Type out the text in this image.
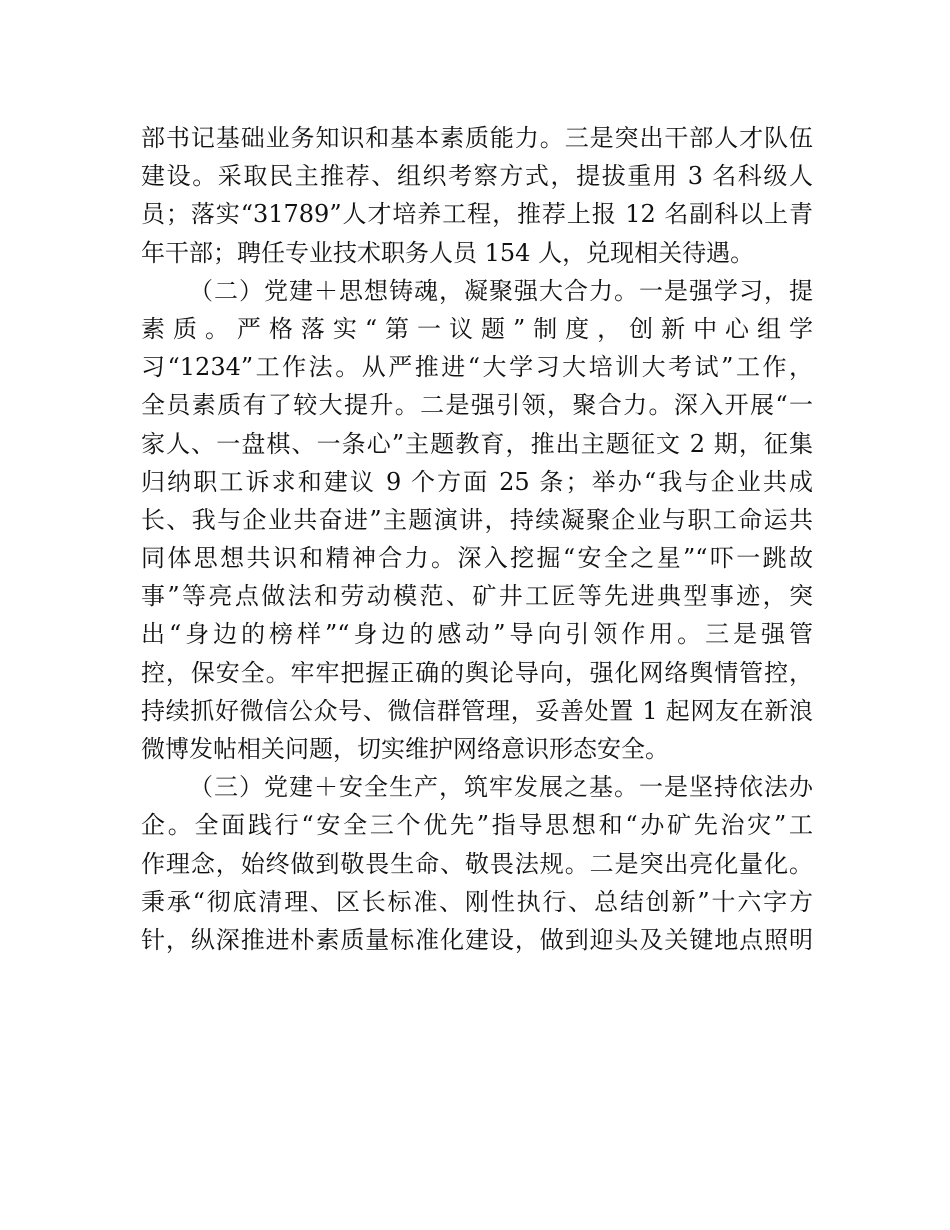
部书记基础业务知识和基本素质能力。三是突出干部人才队伍
建设。采取民主推荐、组织考察方式，提拔重用 3 名科级人
员；落实“31789”人才培养工程，推荐上报 12 名副科以上青
年干部；聘任专业技术职务人员 154 人，兑现相关待遇。
（二）党建＋思想铸魂，凝聚强大合力。一是强学习，提
素质。严格落实“第一议题”制度，创新中心组学
习“1234”工作法。从严推进“大学习大培训大考试”工作，
全员素质有了较大提升。二是强引领，聚合力。深入开展“一
家人、一盘棋、一条心”主题教育，推出主题征文 2 期，征集
归纳职工诉求和建议 9 个方面 25 条；举办“我与企业共成
长、我与企业共奋进”主题演讲，持续凝聚企业与职工命运共
同体思想共识和精神合力。深入挖掘“安全之星”“吓一跳故
事”等亮点做法和劳动模范、矿井工匠等先进典型事迹，突
出“身边的榜样”“身边的感动”导向引领作用。三是强管
控，保安全。牢牢把握正确的舆论导向，强化网络舆情管控，
持续抓好微信公众号、微信群管理，妥善处置 1 起网友在新浪
微博发帖相关问题，切实维护网络意识形态安全。
（三）党建＋安全生产，筑牢发展之基。一是坚持依法办
企。全面践行“安全三个优先”指导思想和“办矿先治灾”工
作理念，始终做到敬畏生命、敬畏法规。二是突出亮化量化。
秉承“彻底清理、区长标准、刚性执行、总结创新”十六字方
针，纵深推进朴素质量标准化建设，做到迎头及关键地点照明
